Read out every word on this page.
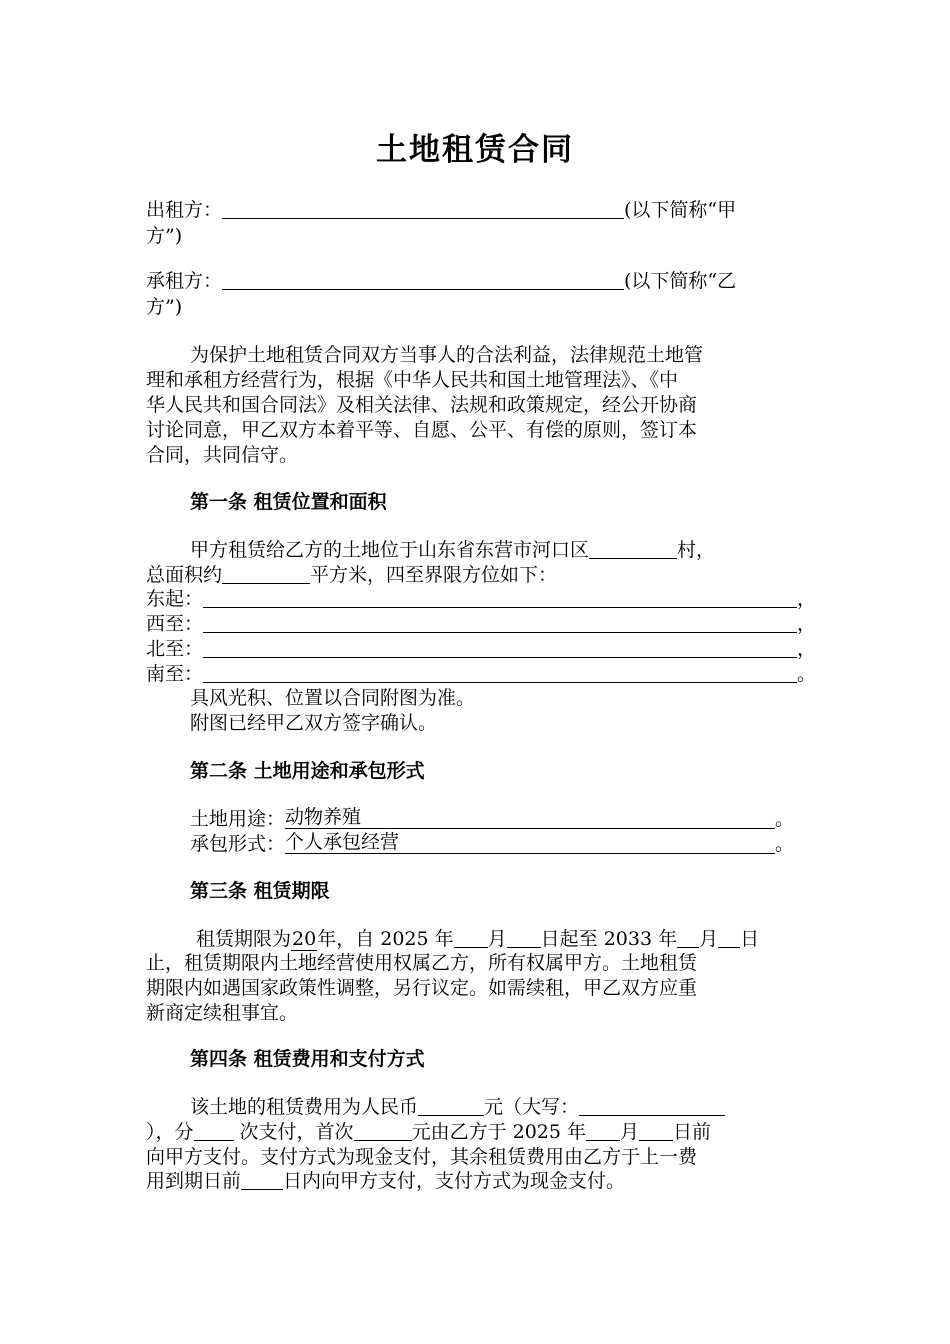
土地租赁合同
出租方：	(以下简称“甲
方”)
承租方：	(以下简称“乙
方”)
为保护土地租赁合同双方当事人的合法利益，法律规范土地管
理和承租方经营行为，根据《中华人民共和国土地管理法》、《中
华人民共和国合同法》及相关法律、法规和政策规定，经公开协商
讨论同意，甲乙双方本着平等、自愿、公平、有偿的原则，签订本
合同，共同信守。
第一条 租赁位置和面积
甲方租赁给乙方的土地位于山东省东营市河口区	村，
总面积约	平方米，四至界限方位如下：
东起：	，
西至：	，
北至：	，
南至：	。
具风光积、位置以合同附图为准。
附图已经甲乙双方签字确认。
第二条 土地用途和承包形式
土地用途：动物养殖	。
承包形式：个人承包经营	。
第三条 租赁期限
租赁期限为20年，自 2025 年 月 日起至 2033 年 月 日
止，租赁期限内土地经营使用权属乙方，所有权属甲方。土地租赁
期限内如遇国家政策性调整，另行议定。如需续租，甲乙双方应重
新商定续租事宜。
第四条 租赁费用和支付方式
该土地的租赁费用为人民币	元（大写：
），分 次支付，首次	元由乙方于 2025 年 月 日前
向甲方支付。支付方式为现金支付，其余租赁费用由乙方于上一费
用到期日前 日内向甲方支付，支付方式为现金支付。
